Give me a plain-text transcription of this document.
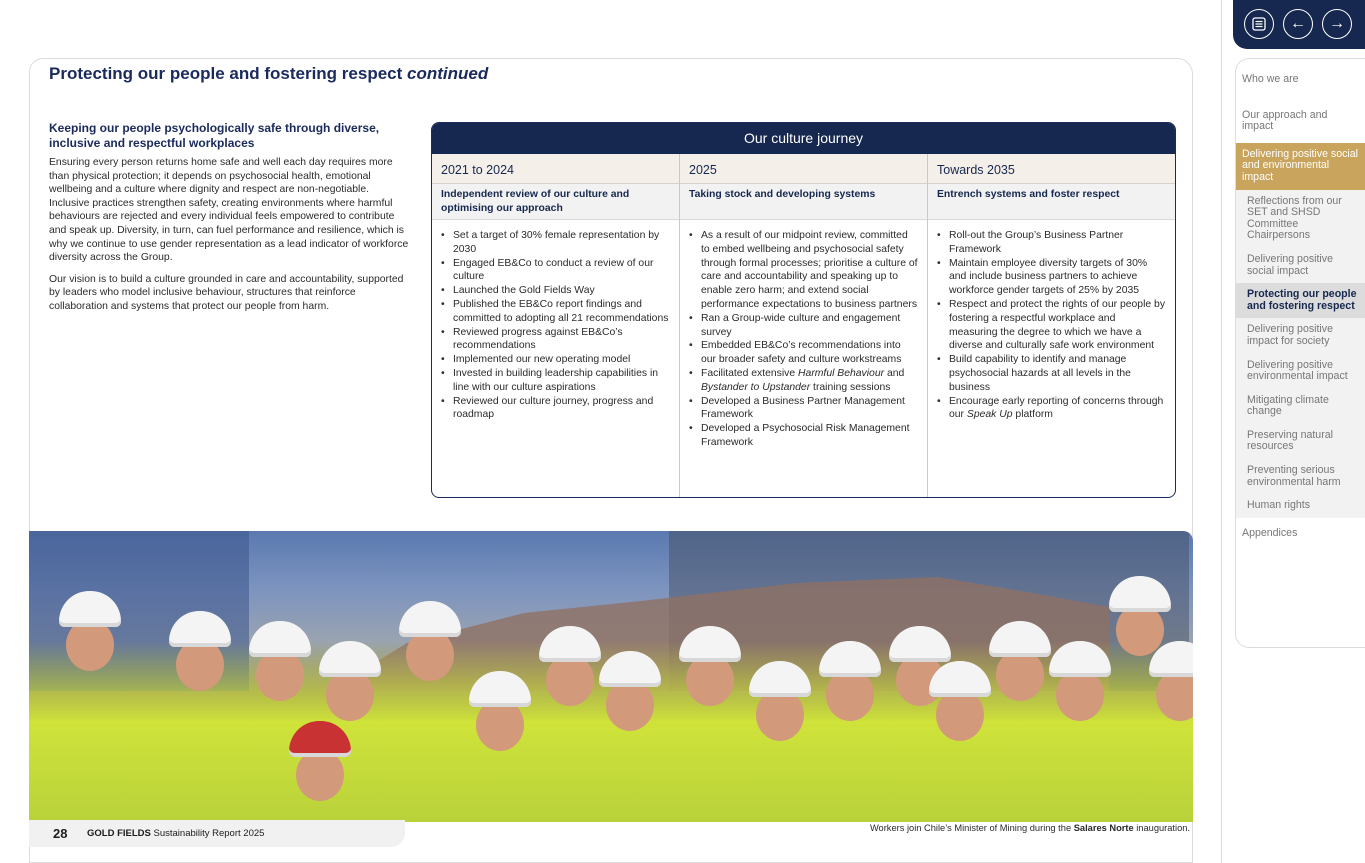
Protecting our people and fostering respect continued
Keeping our people psychologically safe through diverse, inclusive and respectful workplaces

Ensuring every person returns home safe and well each day requires more than physical protection; it depends on psychosocial health, emotional wellbeing and a culture where dignity and respect are non-negotiable. Inclusive practices strengthen safety, creating environments where harmful behaviours are rejected and every individual feels empowered to contribute and speak up. Diversity, in turn, can fuel performance and resilience, which is why we continue to use gender representation as a lead indicator of workforce diversity across the Group.

Our vision is to build a culture grounded in care and accountability, supported by leaders who model inclusive behaviour, structures that reinforce collaboration and systems that protect our people from harm.

Our culture journey
2021 to 2024
Independent review of our culture and optimising our approach
• Set a target of 30% female representation by 2030
• Engaged EB&Co to conduct a review of our culture
• Launched the Gold Fields Way
• Published the EB&Co report findings and committed to adopting all 21 recommendations
• Reviewed progress against EB&Co’s recommendations
• Implemented our new operating model
• Invested in building leadership capabilities in line with our culture aspirations
• Reviewed our culture journey, progress and roadmap
2025
Taking stock and developing systems
• As a result of our midpoint review, committed to embed wellbeing and psychosocial safety through formal processes; prioritise a culture of care and accountability and speaking up to enable zero harm; and extend social performance expectations to business partners
• Ran a Group-wide culture and engagement survey
• Embedded EB&Co’s recommendations into our broader safety and culture workstreams
• Facilitated extensive Harmful Behaviour and Bystander to Upstander training sessions
• Developed a Business Partner Management Framework
• Developed a Psychosocial Risk Management Framework
Towards 2035
Entrench systems and foster respect
• Roll-out the Group’s Business Partner Framework
• Maintain employee diversity targets of 30% and include business partners to achieve workforce gender targets of 25% by 2035
• Respect and protect the rights of our people by fostering a respectful workplace and measuring the degree to which we have a diverse and culturally safe work environment
• Build capability to identify and manage psychosocial hazards at all levels in the business
• Encourage early reporting of concerns through our Speak Up platform
Workers join Chile’s Minister of Mining during the Salares Norte inauguration.
28 GOLD FIELDS Sustainability Report 2025
←	→
Who we are
Our approach and impact
Delivering positive social and environmental impact
Reflections from our SET and SHSD Committee Chairpersons
Delivering positive social impact
Protecting our people and fostering respect
Delivering positive impact for society
Delivering positive environmental impact
Mitigating climate change
Preserving natural resources
Preventing serious environmental harm
Human rights
Appendices
